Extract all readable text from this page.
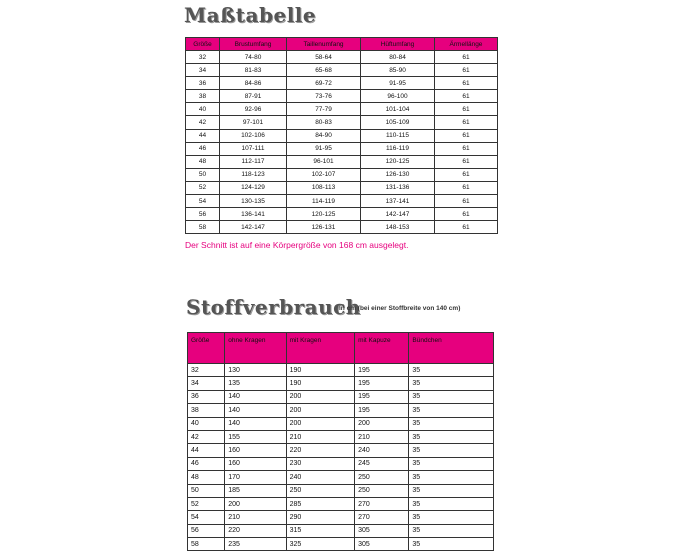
Maßtabelle
Größe	Brustumfang	Taillenumfang	Hüftumfang	Ärmellänge
32	74-80	58-64	80-84	61
34	81-83	65-68	85-90	61
36	84-86	69-72	91-95	61
38	87-91	73-76	96-100	61
40	92-96	77-79	101-104	61
42	97-101	80-83	105-109	61
44	102-106	84-90	110-115	61
46	107-111	91-95	116-119	61
48	112-117	96-101	120-125	61
50	118-123	102-107	126-130	61
52	124-129	108-113	131-136	61
54	130-135	114-119	137-141	61
56	136-141	120-125	142-147	61
58	142-147	126-131	148-153	61
Der Schnitt ist auf eine Körpergröße von 168 cm ausgelegt.
Stoffverbrauch
in cm (bei einer Stoffbreite von 140 cm)
Größe	ohne Kragen	mit Kragen	mit Kapuze	Bündchen
32	130	190	195	35
34	135	190	195	35
36	140	200	195	35
38	140	200	195	35
40	140	200	200	35
42	155	210	210	35
44	160	220	240	35
46	160	230	245	35
48	170	240	250	35
50	185	250	250	35
52	200	285	270	35
54	210	290	270	35
56	220	315	305	35
58	235	325	305	35
